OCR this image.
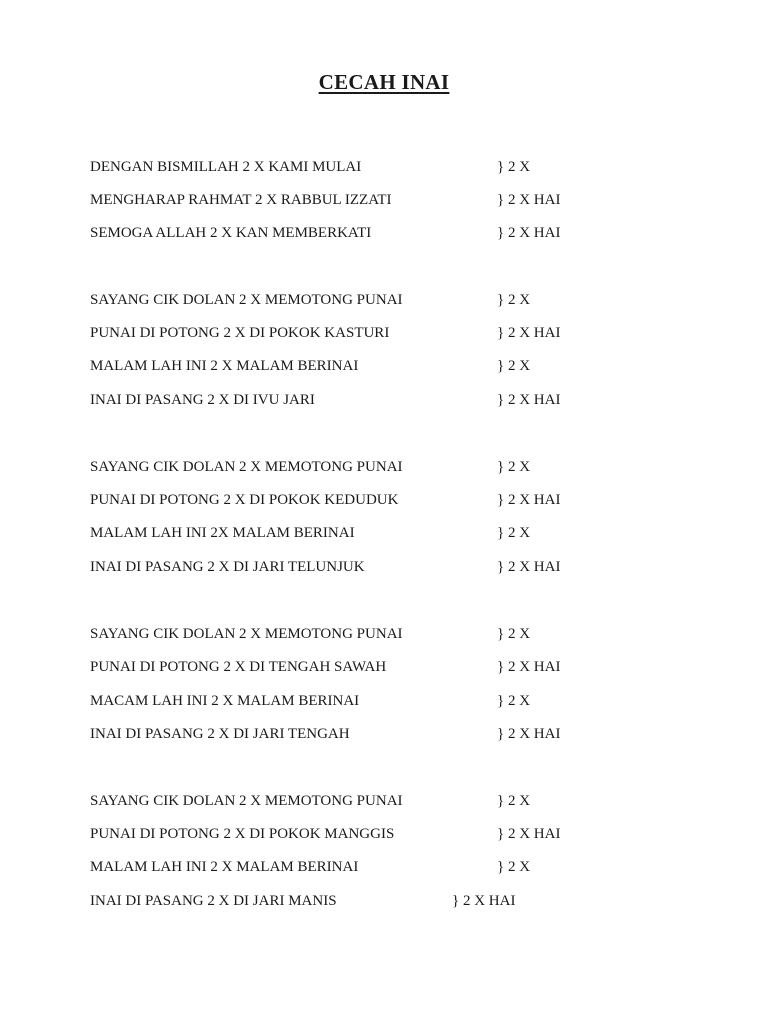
CECAH INAI
DENGAN BISMILLAH 2 X KAMI MULAI	} 2 X
MENGHARAP RAHMAT 2 X RABBUL IZZATI	} 2 X HAI
SEMOGA ALLAH 2 X KAN MEMBERKATI	} 2 X HAI
SAYANG CIK DOLAN 2 X MEMOTONG PUNAI	} 2 X
PUNAI DI POTONG 2 X DI POKOK KASTURI	} 2 X HAI
MALAM LAH INI 2 X MALAM BERINAI	} 2 X
INAI DI PASANG 2 X DI IVU JARI	} 2 X HAI
SAYANG CIK DOLAN 2 X MEMOTONG PUNAI	} 2 X
PUNAI DI POTONG 2 X DI POKOK KEDUDUK	} 2 X HAI
MALAM LAH INI 2X MALAM BERINAI	} 2 X
INAI DI PASANG 2 X DI JARI TELUNJUK	} 2 X HAI
SAYANG CIK DOLAN 2 X MEMOTONG PUNAI	} 2 X
PUNAI DI POTONG 2 X DI TENGAH SAWAH	} 2 X HAI
MACAM LAH INI 2 X MALAM BERINAI	} 2 X
INAI DI PASANG 2 X DI JARI TENGAH	} 2 X HAI
SAYANG CIK DOLAN 2 X MEMOTONG PUNAI	} 2 X
PUNAI DI POTONG 2 X DI POKOK MANGGIS	} 2 X HAI
MALAM LAH INI 2 X MALAM BERINAI	} 2 X
INAI DI PASANG 2 X DI JARI MANIS	} 2 X HAI
